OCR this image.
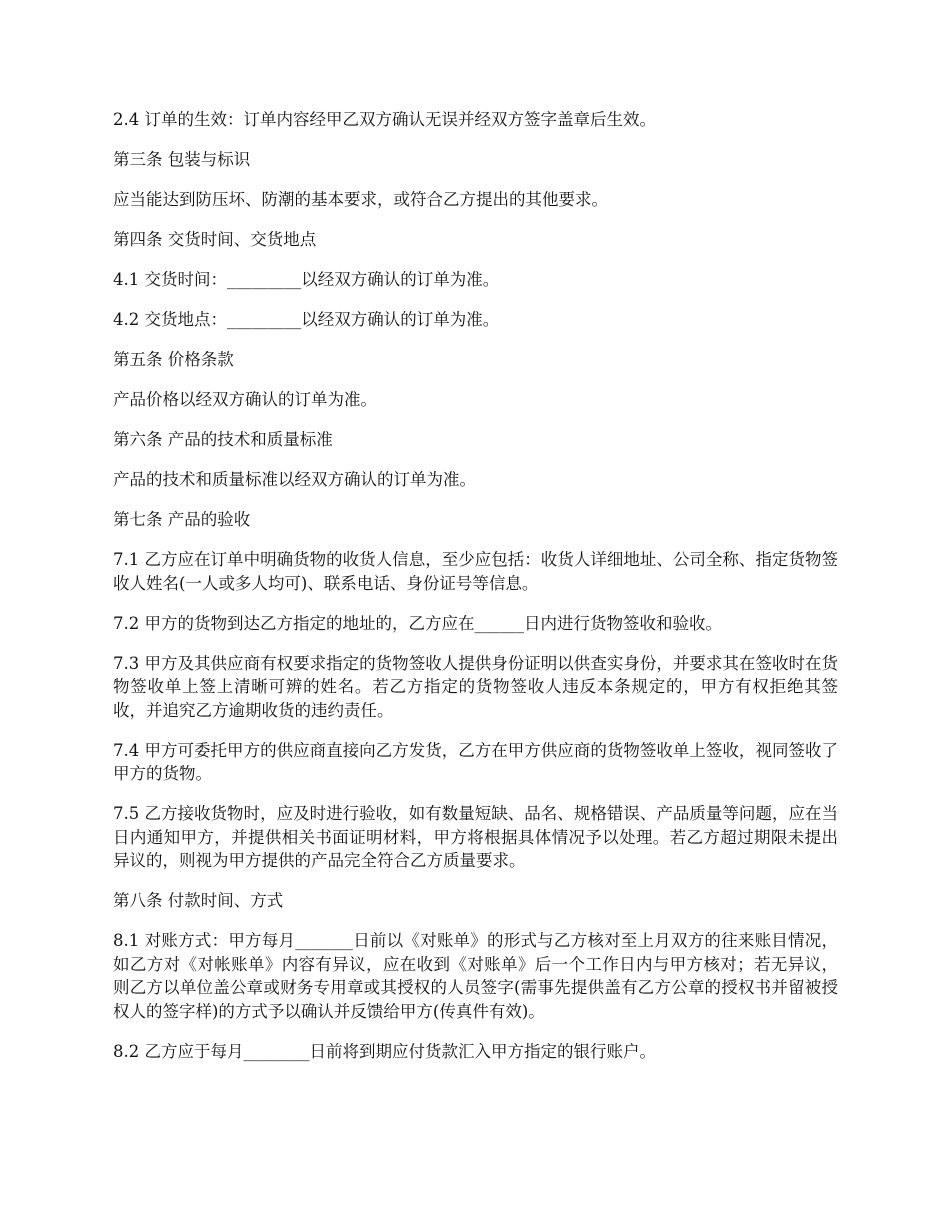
2.4 订单的生效：订单内容经甲乙双方确认无误并经双方签字盖章后生效。

第三条 包装与标识

应当能达到防压坏、防潮的基本要求，或符合乙方提出的其他要求。

第四条 交货时间、交货地点

4.1 交货时间：_________以经双方确认的订单为准。

4.2 交货地点：_________以经双方确认的订单为准。

第五条 价格条款

产品价格以经双方确认的订单为准。

第六条 产品的技术和质量标准

产品的技术和质量标准以经双方确认的订单为准。

第七条 产品的验收

7.1 乙方应在订单中明确货物的收货人信息，至少应包括：收货人详细地址、公司全称、指定货物签收人姓名(一人或多人均可)、联系电话、身份证号等信息。

7.2 甲方的货物到达乙方指定的地址的，乙方应在______日内进行货物签收和验收。

7.3 甲方及其供应商有权要求指定的货物签收人提供身份证明以供查实身份，并要求其在签收时在货物签收单上签上清晰可辨的姓名。若乙方指定的货物签收人违反本条规定的，甲方有权拒绝其签收，并追究乙方逾期收货的违约责任。

7.4 甲方可委托甲方的供应商直接向乙方发货，乙方在甲方供应商的货物签收单上签收，视同签收了甲方的货物。

7.5 乙方接收货物时，应及时进行验收，如有数量短缺、品名、规格错误、产品质量等问题，应在当日内通知甲方，并提供相关书面证明材料，甲方将根据具体情况予以处理。若乙方超过期限未提出异议的，则视为甲方提供的产品完全符合乙方质量要求。

第八条 付款时间、方式

8.1 对账方式：甲方每月_______日前以《对账单》的形式与乙方核对至上月双方的往来账目情况，如乙方对《对帐账单》内容有异议，应在收到《对账单》后一个工作日内与甲方核对；若无异议，则乙方以单位盖公章或财务专用章或其授权的人员签字(需事先提供盖有乙方公章的授权书并留被授权人的签字样)的方式予以确认并反馈给甲方(传真件有效)。

8.2 乙方应于每月________日前将到期应付货款汇入甲方指定的银行账户。
